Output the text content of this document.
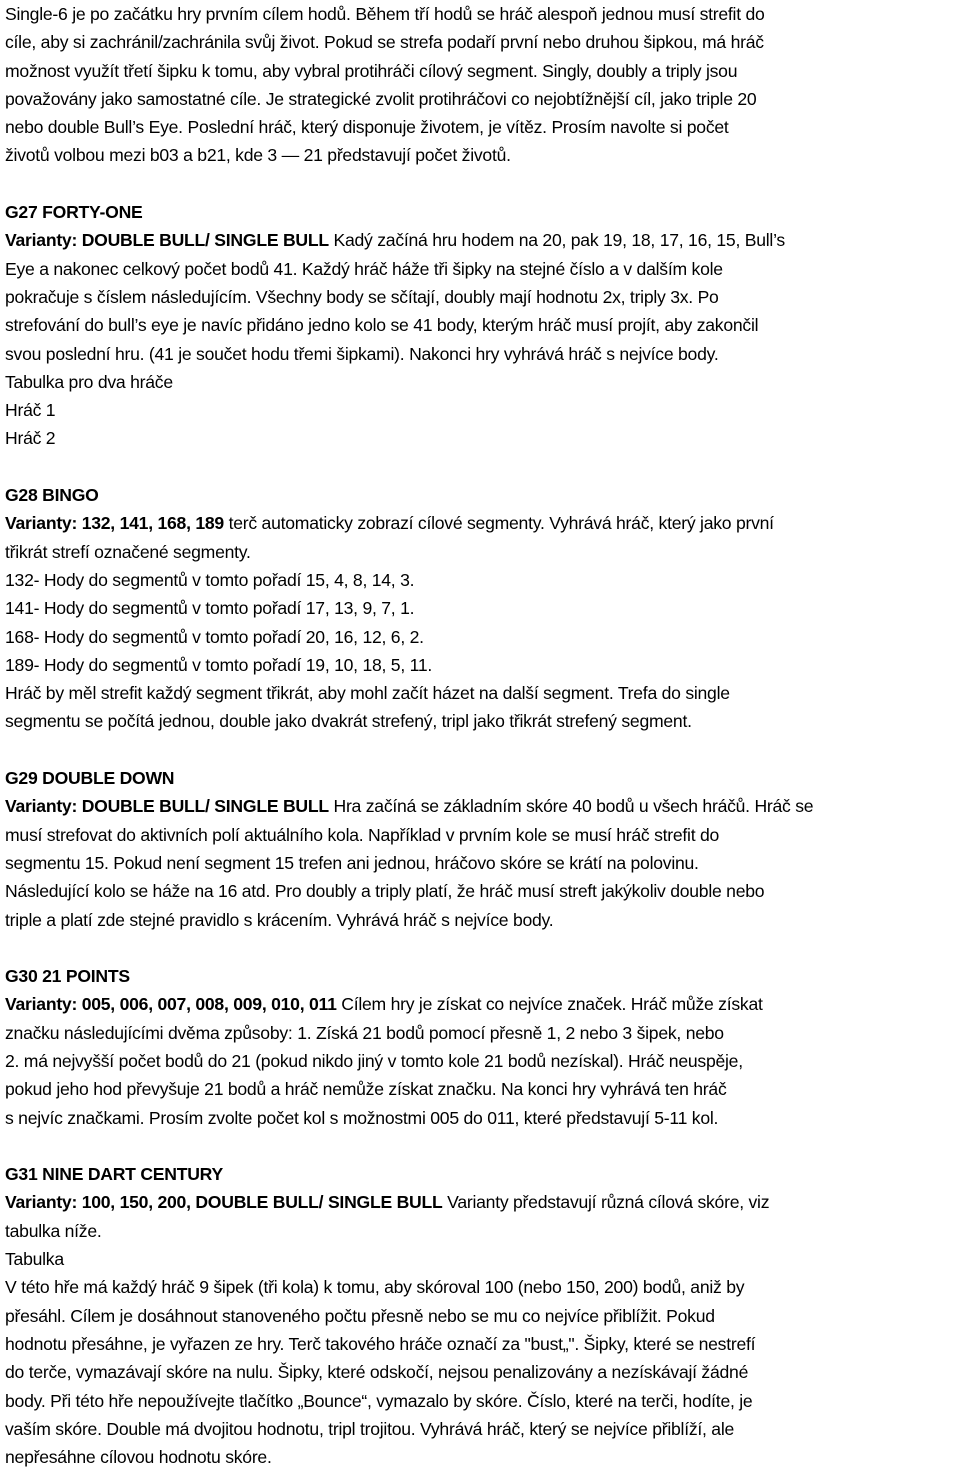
Single-6 je po začátku hry prvním cílem hodů. Během tří hodů se hráč alespoň jednou musí strefit do
cíle, aby si zachránil/zachránila svůj život. Pokud se strefa podaří první nebo druhou šipkou, má hráč
možnost využít třetí šipku k tomu, aby vybral protihráči cílový segment. Singly, doubly a triply jsou
považovány jako samostatné cíle. Je strategické zvolit protihráčovi co nejobtížnější cíl, jako triple 20
nebo double Bull’s Eye. Poslední hráč, který disponuje životem, je vítěz. Prosím navolte si počet
životů volbou mezi b03 a b21, kde 3 — 21 představují počet životů.
G27 FORTY-ONE
Varianty: DOUBLE BULL/ SINGLE BULL Kadý začíná hru hodem na 20, pak 19, 18, 17, 16, 15, Bull’s
Eye a nakonec celkový počet bodů 41. Každý hráč háže tři šipky na stejné číslo a v dalším kole
pokračuje s číslem následujícím. Všechny body se sčítají, doubly mají hodnotu 2x, triply 3x. Po
strefování do bull’s eye je navíc přidáno jedno kolo se 41 body, kterým hráč musí projít, aby zakončil
svou poslední hru. (41 je součet hodu třemi šipkami). Nakonci hry vyhrává hráč s nejvíce body.
Tabulka pro dva hráče
Hráč 1
Hráč 2
G28 BINGO
Varianty: 132, 141, 168, 189 terč automaticky zobrazí cílové segmenty. Vyhrává hráč, který jako první
třikrát strefí označené segmenty.
132- Hody do segmentů v tomto pořadí 15, 4, 8, 14, 3.
141- Hody do segmentů v tomto pořadí 17, 13, 9, 7, 1.
168- Hody do segmentů v tomto pořadí 20, 16, 12, 6, 2.
189- Hody do segmentů v tomto pořadí 19, 10, 18, 5, 11.
Hráč by měl strefit každý segment třikrát, aby mohl začít házet na další segment. Trefa do single
segmentu se počítá jednou, double jako dvakrát strefený, tripl jako třikrát strefený segment.
G29 DOUBLE DOWN
Varianty: DOUBLE BULL/ SINGLE BULL Hra začíná se základním skóre 40 bodů u všech hráčů. Hráč se
musí strefovat do aktivních polí aktuálního kola. Například v prvním kole se musí hráč strefit do
segmentu 15. Pokud není segment 15 trefen ani jednou, hráčovo skóre se krátí na polovinu.
Následující kolo se háže na 16 atd. Pro doubly a triply platí, že hráč musí streft jakýkoliv double nebo
triple a platí zde stejné pravidlo s krácením. Vyhrává hráč s nejvíce body.
G30 21 POINTS
Varianty: 005, 006, 007, 008, 009, 010, 011 Cílem hry je získat co nejvíce značek. Hráč může získat
značku následujícími dvěma způsoby: 1. Získá 21 bodů pomocí přesně 1, 2 nebo 3 šipek, nebo
2. má nejvyšší počet bodů do 21 (pokud nikdo jiný v tomto kole 21 bodů nezískal). Hráč neuspěje,
pokud jeho hod převyšuje 21 bodů a hráč nemůže získat značku. Na konci hry vyhrává ten hráč
s nejvíc značkami. Prosím zvolte počet kol s možnostmi 005 do 011, které představují 5-11 kol.
G31 NINE DART CENTURY
Varianty: 100, 150, 200, DOUBLE BULL/ SINGLE BULL Varianty představují různá cílová skóre, viz
tabulka níže.
Tabulka
V této hře má každý hráč 9 šipek (tři kola) k tomu, aby skóroval 100 (nebo 150, 200) bodů, aniž by
přesáhl. Cílem je dosáhnout stanoveného počtu přesně nebo se mu co nejvíce přiblížit. Pokud
hodnotu přesáhne, je vyřazen ze hry. Terč takového hráče označí za "bust„". Šipky, které se nestrefí
do terče, vymazávají skóre na nulu. Šipky, které odskočí, nejsou penalizovány a nezískávají žádné
body. Při této hře nepoužívejte tlačítko „Bounce“, vymazalo by skóre. Číslo, které na terči, hodíte, je
vaším skóre. Double má dvojitou hodnotu, tripl trojitou. Vyhrává hráč, který se nejvíce přiblíží, ale
nepřesáhne cílovou hodnotu skóre.
